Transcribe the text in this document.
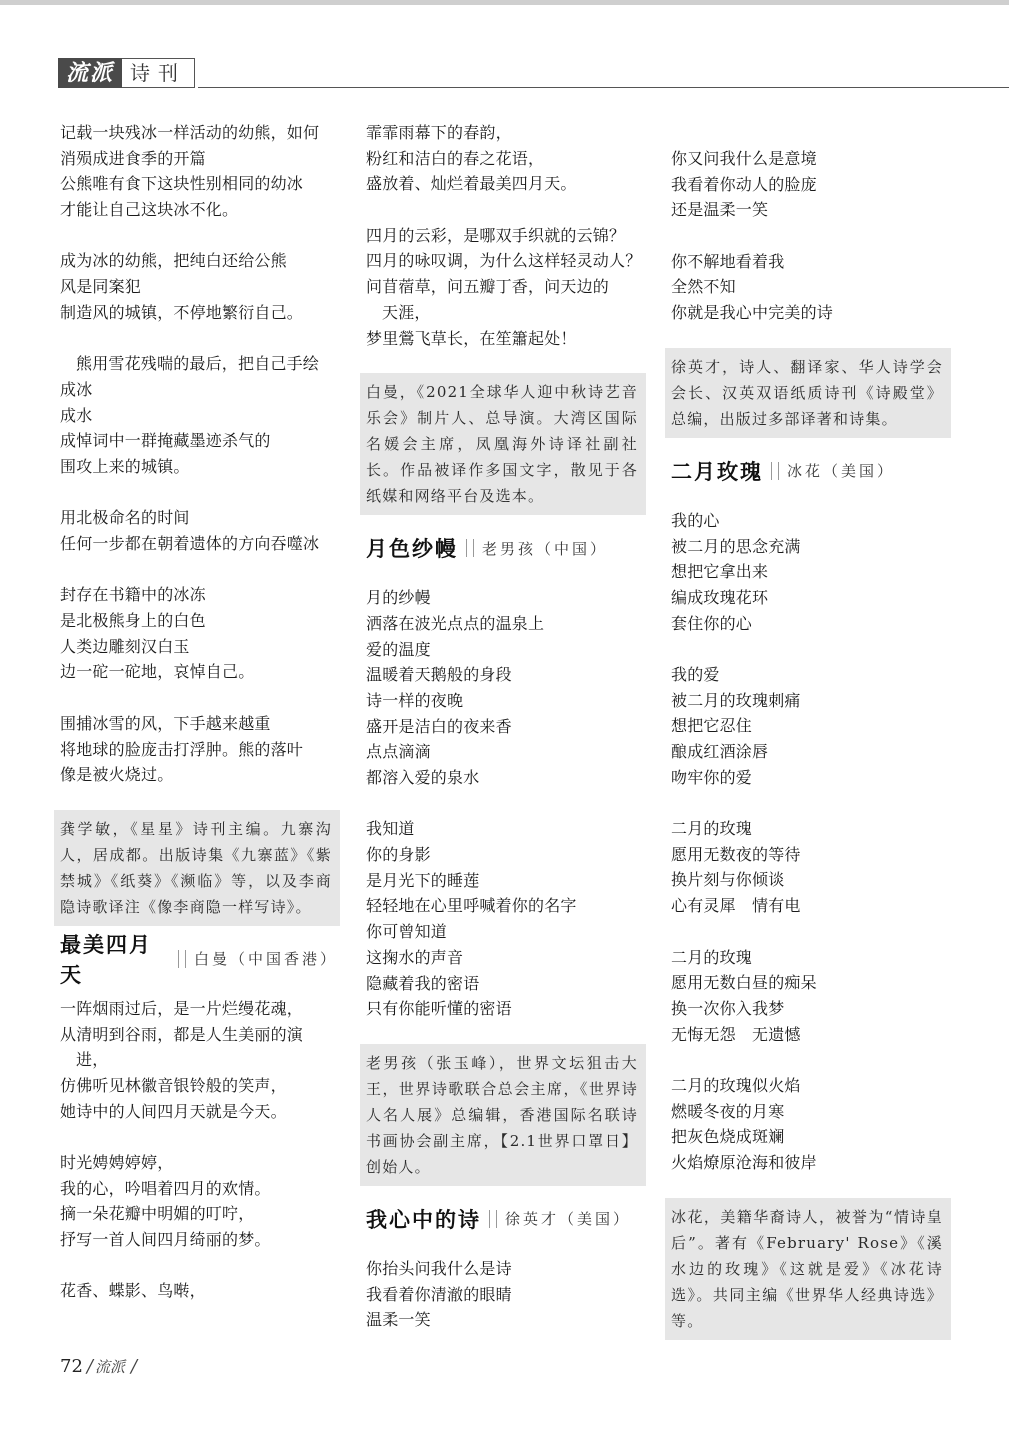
流派 诗刊
记载一块残冰一样活动的幼熊，如何
消殒成进食季的开篇
公熊唯有食下这块性别相同的幼冰
才能让自己这块冰不化。
成为冰的幼熊，把纯白还给公熊
风是同案犯
制造风的城镇，不停地繁衍自己。
熊用雪花残喘的最后，把自己手绘
成冰
成水
成悼词中一群掩藏墨迹杀气的
围攻上来的城镇。
用北极命名的时间
任何一步都在朝着遗体的方向吞噬冰
封存在书籍中的冰冻
是北极熊身上的白色
人类边雕刻汉白玉
边一砣一砣地，哀悼自己。
围捕冰雪的风，下手越来越重
将地球的脸庞击打浮肿。熊的落叶
像是被火烧过。
龚学敏，《星星》诗刊主编。九寨沟人，居成都。出版诗集《九寨蓝》《紫禁城》《纸葵》《濒临》等，以及李商隐诗歌译注《像李商隐一样写诗》。
最美四月天
白曼（中国香港）
一阵烟雨过后，是一片烂缦花魂，
从清明到谷雨，都是人生美丽的演
进，
仿佛听见林徽音银铃般的笑声，
她诗中的人间四月天就是今天。
时光娉娉婷婷，
我的心，吟唱着四月的欢情。
摘一朵花瓣中明媚的叮咛，
抒写一首人间四月绮丽的梦。
花香、蝶影、鸟啭，
霏霏雨幕下的春韵，
粉红和洁白的春之花语，
盛放着、灿烂着最美四月天。
四月的云彩，是哪双手织就的云锦？
四月的咏叹调，为什么这样轻灵动人？
问苜蓿草，问五瓣丁香，问天边的
天涯，
梦里鶯飞草长，在笙簫起处！
白曼，《2021全球华人迎中秋诗艺音乐会》制片人、总导演。大湾区国际名媛会主席，凤凰海外诗译社副社长。作品被译作多国文字，散见于各纸媒和网络平台及选本。
月色纱幔 老男孩（中国）
月的纱幔
洒落在波光点点的温泉上
爱的温度
温暖着天鹅般的身段
诗一样的夜晚
盛开是洁白的夜来香
点点滴滴
都溶入爱的泉水
我知道
你的身影
是月光下的睡莲
轻轻地在心里呼喊着你的名字
你可曾知道
这掬水的声音
隐藏着我的密语
只有你能听懂的密语
老男孩（张玉峰），世界文坛狙击大王，世界诗歌联合总会主席，《世界诗人名人展》总编辑，香港国际名联诗书画协会副主席，【2.1世界口罩日】创始人。
我心中的诗 徐英才（美国）
你抬头问我什么是诗
我看着你清澈的眼睛
温柔一笑
你又问我什么是意境
我看着你动人的脸庞
还是温柔一笑
你不解地看着我
全然不知
你就是我心中完美的诗
徐英才，诗人、翻译家、华人诗学会会长、汉英双语纸质诗刊《诗殿堂》总编，出版过多部译著和诗集。
二月玫瑰 冰花（美国）
我的心
被二月的思念充满
想把它拿出来
编成玫瑰花环
套住你的心
我的爱
被二月的玫瑰刺痛
想把它忍住
酿成红酒涂唇
吻牢你的爱
二月的玫瑰
愿用无数夜的等待
换片刻与你倾谈
心有灵犀　情有电
二月的玫瑰
愿用无数白昼的痴呆
换一次你入我梦
无悔无怨　无遗憾
二月的玫瑰似火焰
燃暖冬夜的月寒
把灰色烧成斑斓
火焰燎原沧海和彼岸
冰花，美籍华裔诗人，被誉为“情诗皇后”。著有《February' Rose》《溪水边的玫瑰》《这就是爱》《冰花诗选》。共同主编《世界华人经典诗选》等。
72 / 流派 /
